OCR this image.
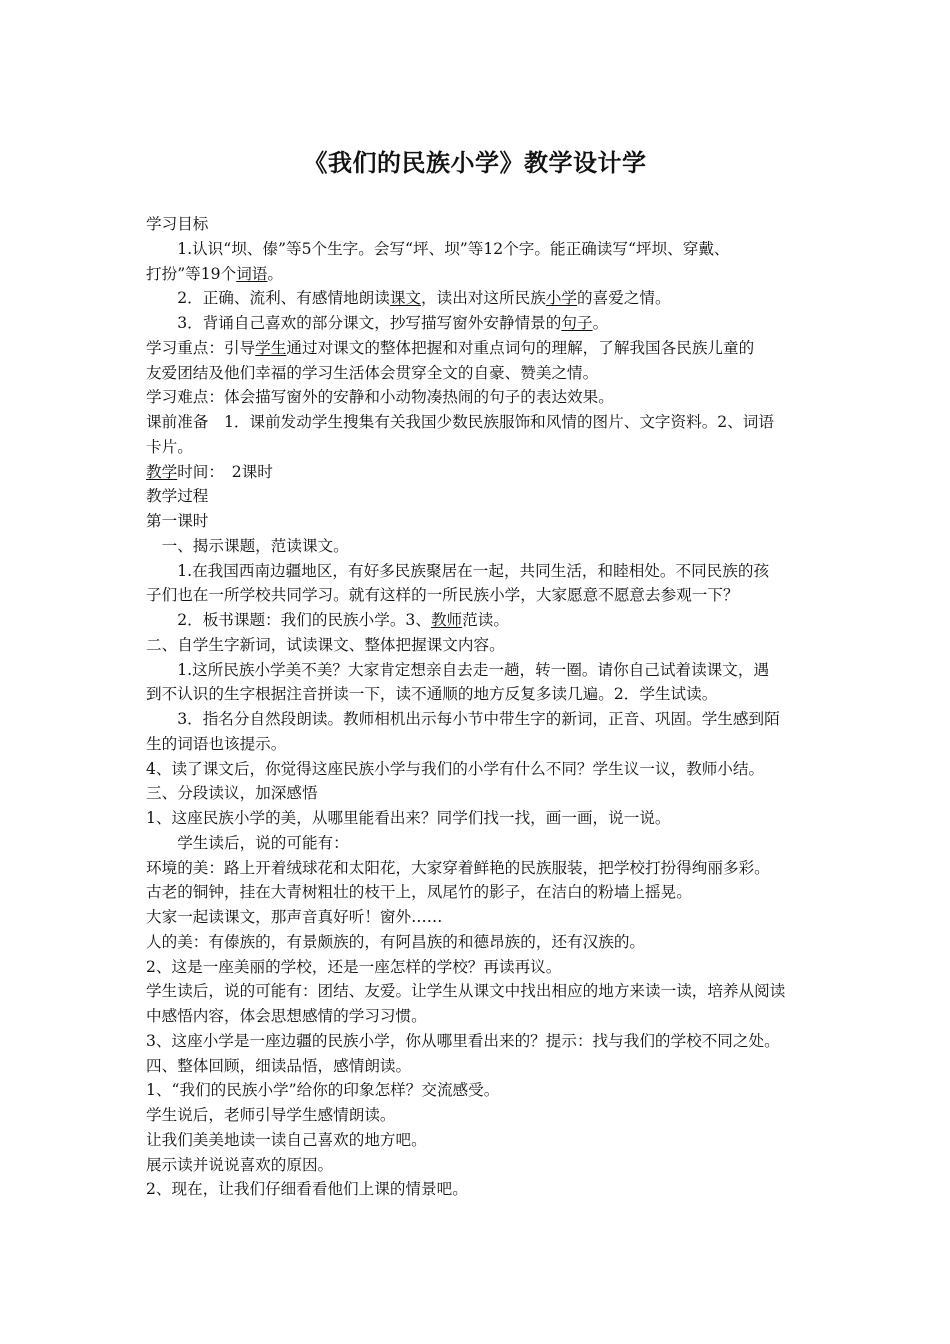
《我们的民族小学》教学设计学
学习目标
　　1.认识“坝、傣”等5个生字。会写“坪、坝”等12个字。能正确读写“坪坝、穿戴、
打扮”等19个词语。
　　2．正确、流利、有感情地朗读课文，读出对这所民族小学的喜爱之情。
　　3．背诵自己喜欢的部分课文，抄写描写窗外安静情景的句子。
学习重点：引导学生通过对课文的整体把握和对重点词句的理解，了解我国各民族儿童的
友爱团结及他们幸福的学习生活体会贯穿全文的自豪、赞美之情。
学习难点：体会描写窗外的安静和小动物凑热闹的句子的表达效果。
课前准备　1．课前发动学生搜集有关我国少数民族服饰和风情的图片、文字资料。2、词语
卡片。
教学时间：　2课时
教学过程
第一课时
　一、揭示课题，范读课文。
　　1.在我国西南边疆地区，有好多民族聚居在一起，共同生活，和睦相处。不同民族的孩
子们也在一所学校共同学习。就有这样的一所民族小学，大家愿意不愿意去参观一下？
　　2．板书课题：我们的民族小学。3、教师范读。
二、自学生字新词，试读课文、整体把握课文内容。
　　1.这所民族小学美不美？大家肯定想亲自去走一趟，转一圈。请你自己试着读课文，遇
到不认识的生字根据注音拼读一下，读不通顺的地方反复多读几遍。2．学生试读。
　　3．指名分自然段朗读。教师相机出示每小节中带生字的新词，正音、巩固。学生感到陌
生的词语也该提示。
4、读了课文后，你觉得这座民族小学与我们的小学有什么不同？学生议一议，教师小结。
三、分段读议，加深感悟
1、这座民族小学的美，从哪里能看出来？同学们找一找，画一画，说一说。
　　学生读后，说的可能有：
环境的美：路上开着绒球花和太阳花，大家穿着鲜艳的民族服装，把学校打扮得绚丽多彩。
古老的铜钟，挂在大青树粗壮的枝干上，凤尾竹的影子，在洁白的粉墙上摇晃。
大家一起读课文，那声音真好听！窗外……
人的美：有傣族的，有景颇族的，有阿昌族的和德昂族的，还有汉族的。
2、这是一座美丽的学校，还是一座怎样的学校？再读再议。
学生读后，说的可能有：团结、友爱。让学生从课文中找出相应的地方来读一读，培养从阅读
中感悟内容，体会思想感情的学习习惯。
3、这座小学是一座边疆的民族小学，你从哪里看出来的？提示：找与我们的学校不同之处。
四、整体回顾，细读品悟，感情朗读。
1、“我们的民族小学”给你的印象怎样？交流感受。
学生说后，老师引导学生感情朗读。
让我们美美地读一读自己喜欢的地方吧。
展示读并说说喜欢的原因。
2、现在，让我们仔细看看他们上课的情景吧。
